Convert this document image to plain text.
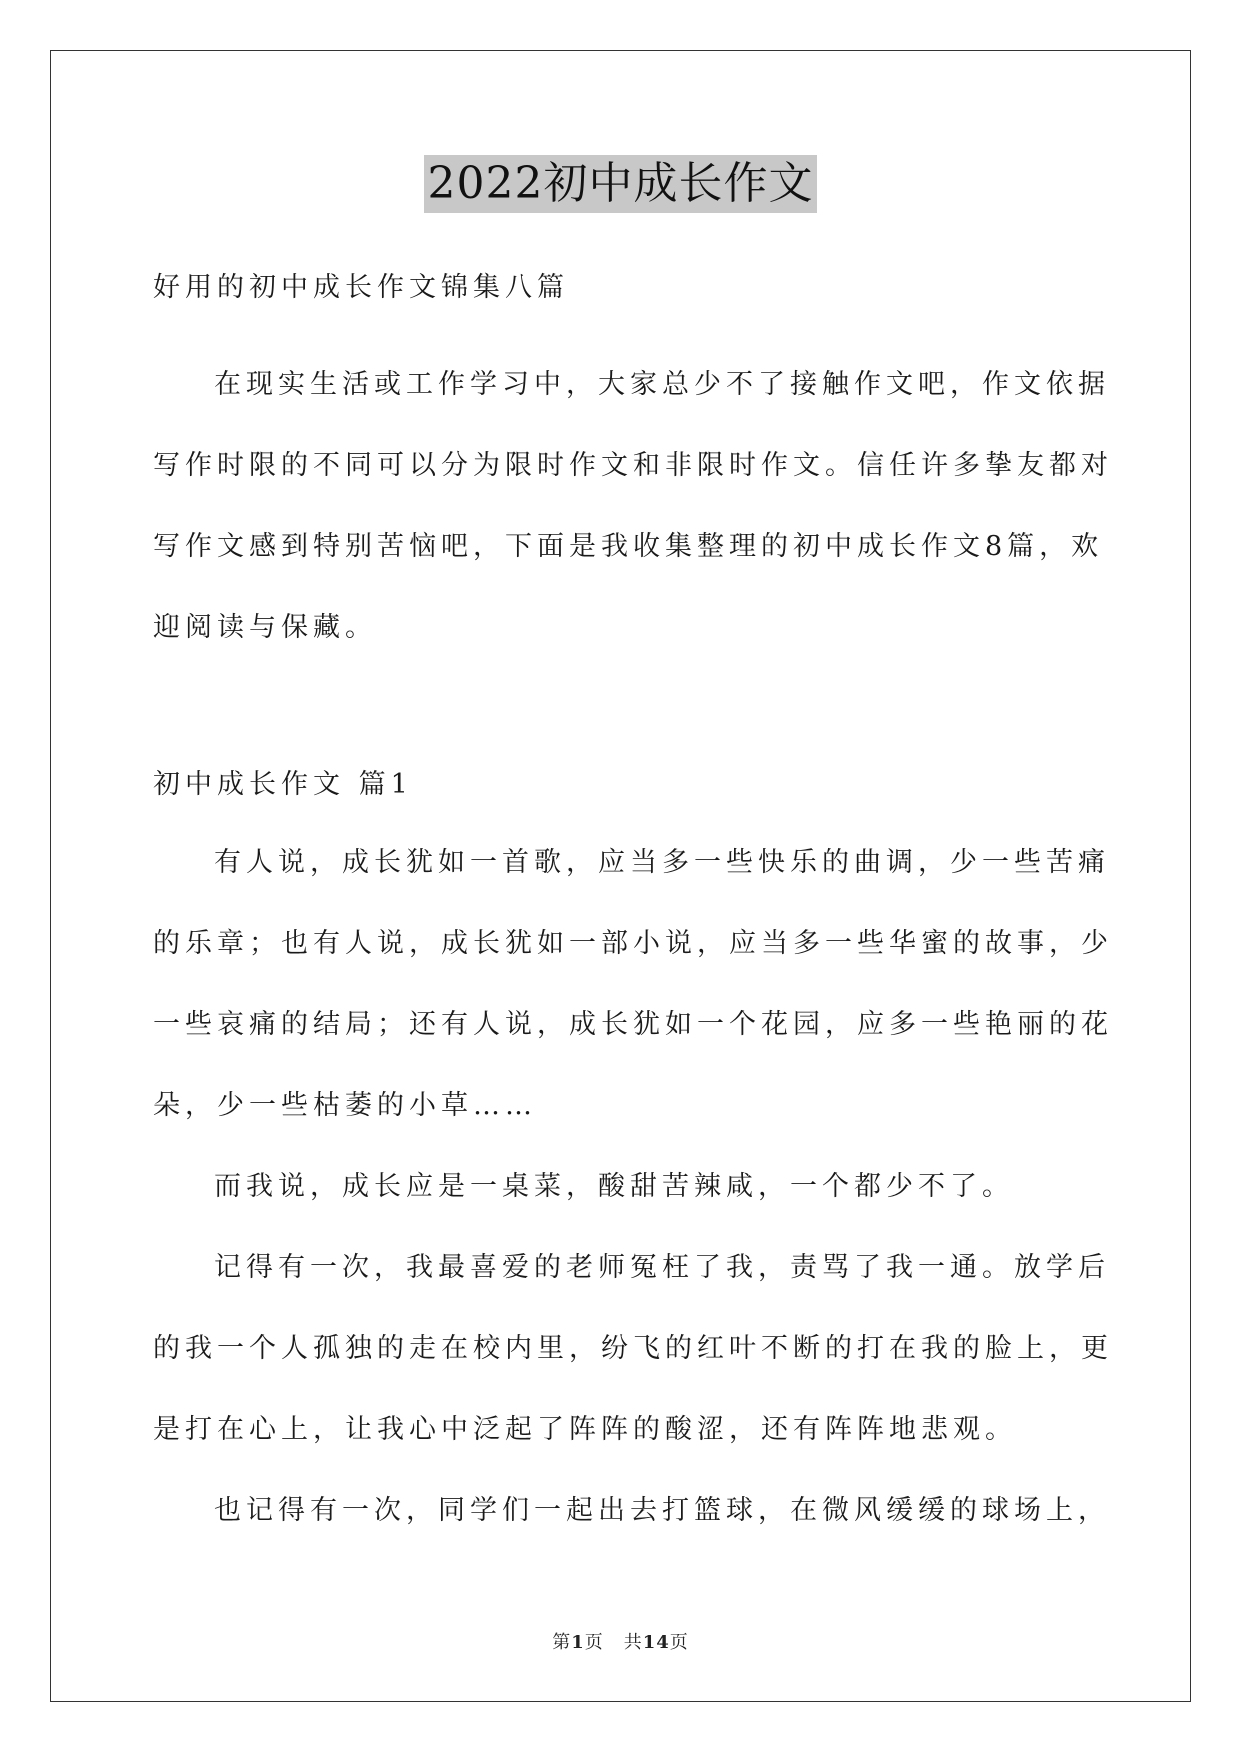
2022初中成长作文

好用的初中成长作文锦集八篇

在现实生活或工作学习中，大家总少不了接触作文吧，作文依据

写作时限的不同可以分为限时作文和非限时作文。信任许多挚友都对

写作文感到特别苦恼吧，下面是我收集整理的初中成长作文8篇，欢

迎阅读与保藏。

初中成长作文 篇1

有人说，成长犹如一首歌，应当多一些快乐的曲调，少一些苦痛

的乐章；也有人说，成长犹如一部小说，应当多一些华蜜的故事，少

一些哀痛的结局；还有人说，成长犹如一个花园，应多一些艳丽的花

朵，少一些枯萎的小草……

而我说，成长应是一桌菜，酸甜苦辣咸，一个都少不了。

记得有一次，我最喜爱的老师冤枉了我，责骂了我一通。放学后

的我一个人孤独的走在校内里，纷飞的红叶不断的打在我的脸上，更

是打在心上，让我心中泛起了阵阵的酸涩，还有阵阵地悲观。

也记得有一次，同学们一起出去打篮球，在微风缓缓的球场上，

第1页 共14页
